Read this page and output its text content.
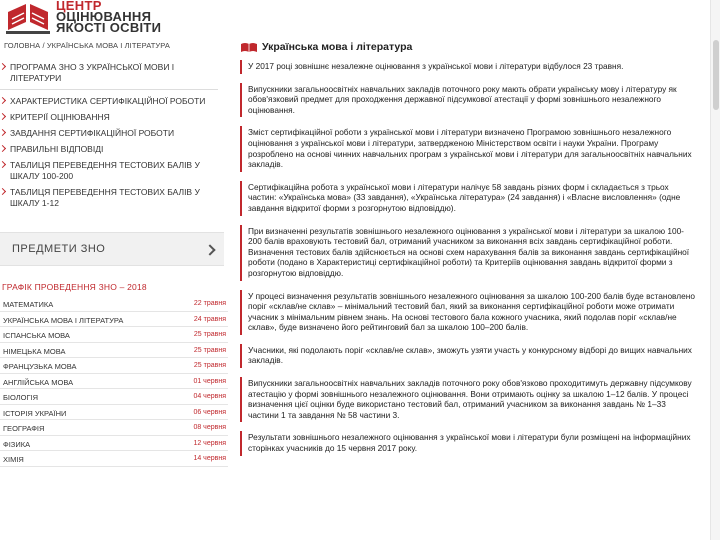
ЦЕНТР
ОЦІНЮВАННЯ
ЯКОСТІ ОСВІТИ
ГОЛОВНА / УКРАЇНСЬКА МОВА І ЛІТЕРАТУРА
ПРОГРАМА ЗНО З УКРАЇНСЬКОЇ МОВИ І ЛІТЕРАТУРИ
ХАРАКТЕРИСТИКА СЕРТИФІКАЦІЙНОЇ РОБОТИ
КРИТЕРІЇ ОЦІНЮВАННЯ
ЗАВДАННЯ СЕРТИФІКАЦІЙНОЇ РОБОТИ
ПРАВИЛЬНІ ВІДПОВІДІ
ТАБЛИЦЯ ПЕРЕВЕДЕННЯ ТЕСТОВИХ БАЛІВ У ШКАЛУ 100-200
ТАБЛИЦЯ ПЕРЕВЕДЕННЯ ТЕСТОВИХ БАЛІВ У ШКАЛУ 1-12
ПРЕДМЕТИ ЗНО
ГРАФІК ПРОВЕДЕННЯ ЗНО – 2018
МАТЕМАТИКА	22 травня
УКРАЇНСЬКА МОВА І ЛІТЕРАТУРА	24 травня
ІСПАНСЬКА МОВА	25 травня
НІМЕЦЬКА МОВА	25 травня
ФРАНЦУЗЬКА МОВА	25 травня
АНГЛІЙСЬКА МОВА	01 червня
БІОЛОГІЯ	04 червня
ІСТОРІЯ УКРАЇНИ	06 червня
ГЕОГРАФІЯ	08 червня
ФІЗИКА	12 червня
ХІМІЯ	14 червня
Українська мова і література

У 2017 році зовнішнє незалежне оцінювання з української мови і літератури відбулося 23 травня.

Випускники загальноосвітніх навчальних закладів поточного року мають обрати українську мову і літературу як обов'язковий предмет для проходження державної підсумкової атестації у формі зовнішнього незалежного оцінювання.

Зміст сертифікаційної роботи з української мови і літератури визначено Програмою зовнішнього незалежного оцінювання з української мови і літератури, затвердженою Міністерством освіти і науки України. Програму розроблено на основі чинних навчальних програм з української мови і літератури для загальноосвітніх навчальних закладів.

Сертифікаційна робота з української мови і літератури налічує 58 завдань різних форм і складається з трьох частин: «Українська мова» (33 завдання), «Українська література» (24 завдання) і «Власне висловлення» (одне завдання відкритої форми з розгорнутою відповіддю).

При визначенні результатів зовнішнього незалежного оцінювання з української мови і літератури за шкалою 100-200 балів враховують тестовий бал, отриманий учасником за виконання всіх завдань сертифікаційної роботи. Визначення тестових балів здійснюється на основі схем нарахування балів за виконання завдань сертифікаційної роботи (подано в Характеристиці сертифікаційної роботи) та Критеріїв оцінювання завдань відкритої форми з розгорнутою відповіддю.

У процесі визначення результатів зовнішнього незалежного оцінювання за шкалою 100-200 балів буде встановлено поріг «склав/не склав» – мінімальний тестовий бал, який за виконання сертифікаційної роботи може отримати учасник з мінімальним рівнем знань. На основі тестового бала кожного учасника, який подолав поріг «склав/не склав», буде визначено його рейтинговий бал за шкалою 100–200 балів.

Учасники, які подолають поріг «склав/не склав», зможуть узяти участь у конкурсному відборі до вищих навчальних закладів.

Випускники загальноосвітніх навчальних закладів поточного року обов'язково проходитимуть державну підсумкову атестацію у формі зовнішнього незалежного оцінювання. Вони отримають оцінку за шкалою 1–12 балів. У процесі визначення цієї оцінки буде використано тестовий бал, отриманий учасником за виконання завдань № 1–33 частини 1 та завдання № 58 частини 3.

Результати зовнішнього незалежного оцінювання з української мови і літератури були розміщені на інформаційних сторінках учасників до 15 червня 2017 року.
